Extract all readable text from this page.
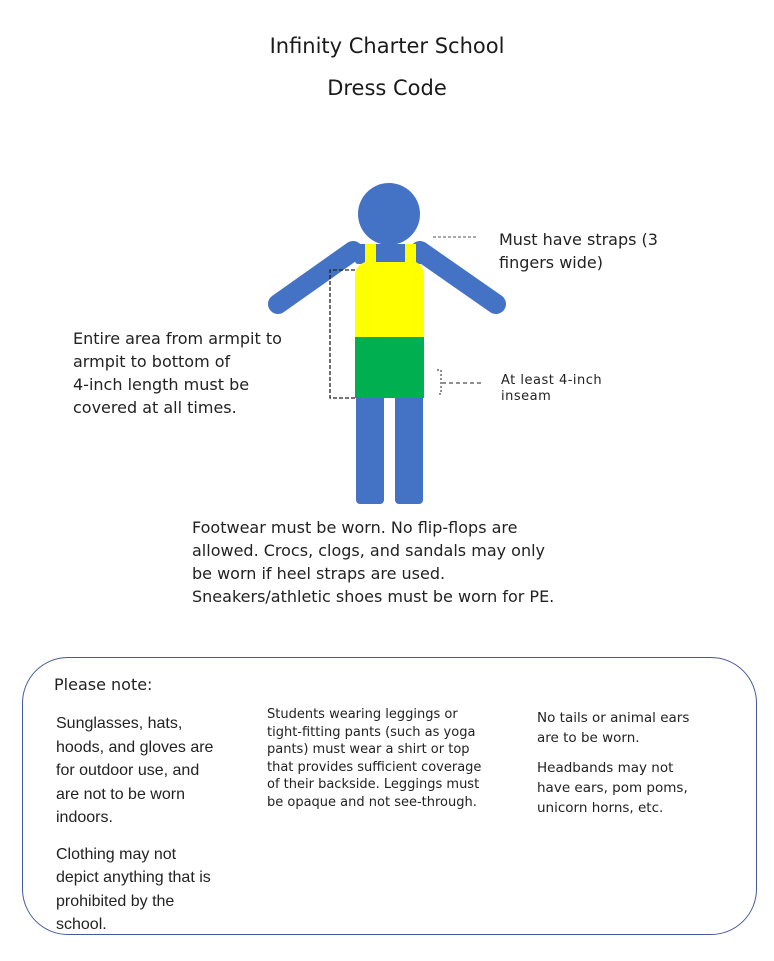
Infinity Charter School
Dress Code
Must have straps (3
fingers wide)
Entire area from armpit to
armpit to bottom of
4-inch length must be
covered at all times.
At least 4-inch
inseam
Footwear must be worn. No flip-flops are
allowed. Crocs, clogs, and sandals may only
be worn if heel straps are used.
Sneakers/athletic shoes must be worn for PE.
Please note:

Sunglasses, hats,
hoods, and gloves are
for outdoor use, and
are not to be worn
indoors.

Clothing may not
depict anything that is
prohibited by the
school.

Students wearing leggings or
tight-fitting pants (such as yoga
pants) must wear a shirt or top
that provides sufficient coverage
of their backside. Leggings must
be opaque and not see-through.

No tails or animal ears
are to be worn.

Headbands may not
have ears, pom poms,
unicorn horns, etc.
